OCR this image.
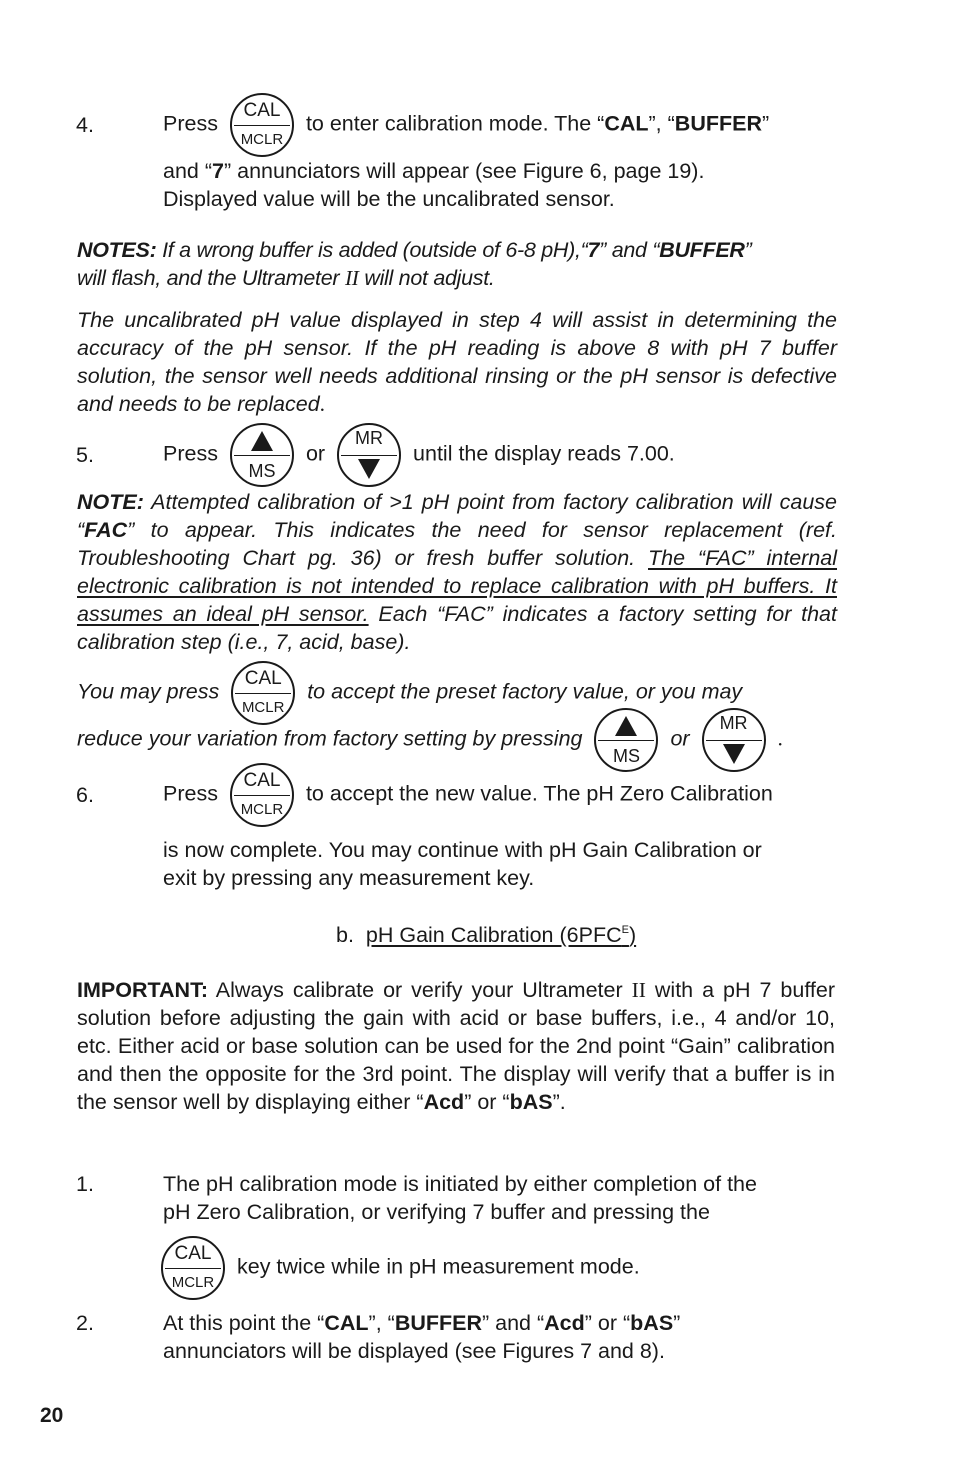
4.	Press
CAL
MCLR
to enter calibration mode. The “CAL”, “BUFFER”
and “7” annunciators will appear (see Figure 6, page 19).
Displayed value will be the uncalibrated sensor.
NOTES: If a wrong buffer is added (outside of 6-8 pH),“7” and “BUFFER”
will flash, and the Ultrameter II will not adjust.
The uncalibrated pH value displayed in step 4 will assist in determining the accuracy of the pH sensor. If the pH reading is above 8 with pH 7 buffer solution, the sensor well needs additional rinsing or the pH sensor is defective and needs to be replaced.
5.	Press
MS
or
MR
until the display reads 7.00.
NOTE: Attempted calibration of >1 pH point from factory calibration will cause “FAC” to appear. This indicates the need for sensor replacement (ref. Troubleshooting Chart pg. 36) or fresh buffer solution. The “FAC” internal electronic calibration is not intended to replace calibration with pH buffers. It assumes an ideal pH sensor. Each “FAC” indicates a factory setting for that calibration step (i.e., 7, acid, base).
You may press
CAL
MCLR
to accept the preset factory value, or you may
reduce your variation from factory setting by pressing
MS
or
MR
.
6.	Press
CAL
MCLR
to accept the new value. The pH Zero Calibration
is now complete. You may continue with pH Gain Calibration or
exit by pressing any measurement key.
b. pH Gain Calibration $(6PFC^E)$
IMPORTANT: Always calibrate or verify your Ultrameter II with a pH 7 buffer solution before adjusting the gain with acid or base buffers, i.e., 4 and/or 10, etc. Either acid or base solution can be used for the 2nd point “Gain” calibration and then the opposite for the 3rd point. The display will verify that a buffer is in the sensor well by displaying either “Acd” or “bAS”.
1.	The pH calibration mode is initiated by either completion of the
pH Zero Calibration, or verifying 7 buffer and pressing the
CAL
MCLR
key twice while in pH measurement mode.
2.	At this point the “CAL”, “BUFFER” and “Acd” or “bAS”
annunciators will be displayed (see Figures 7 and 8).
20
